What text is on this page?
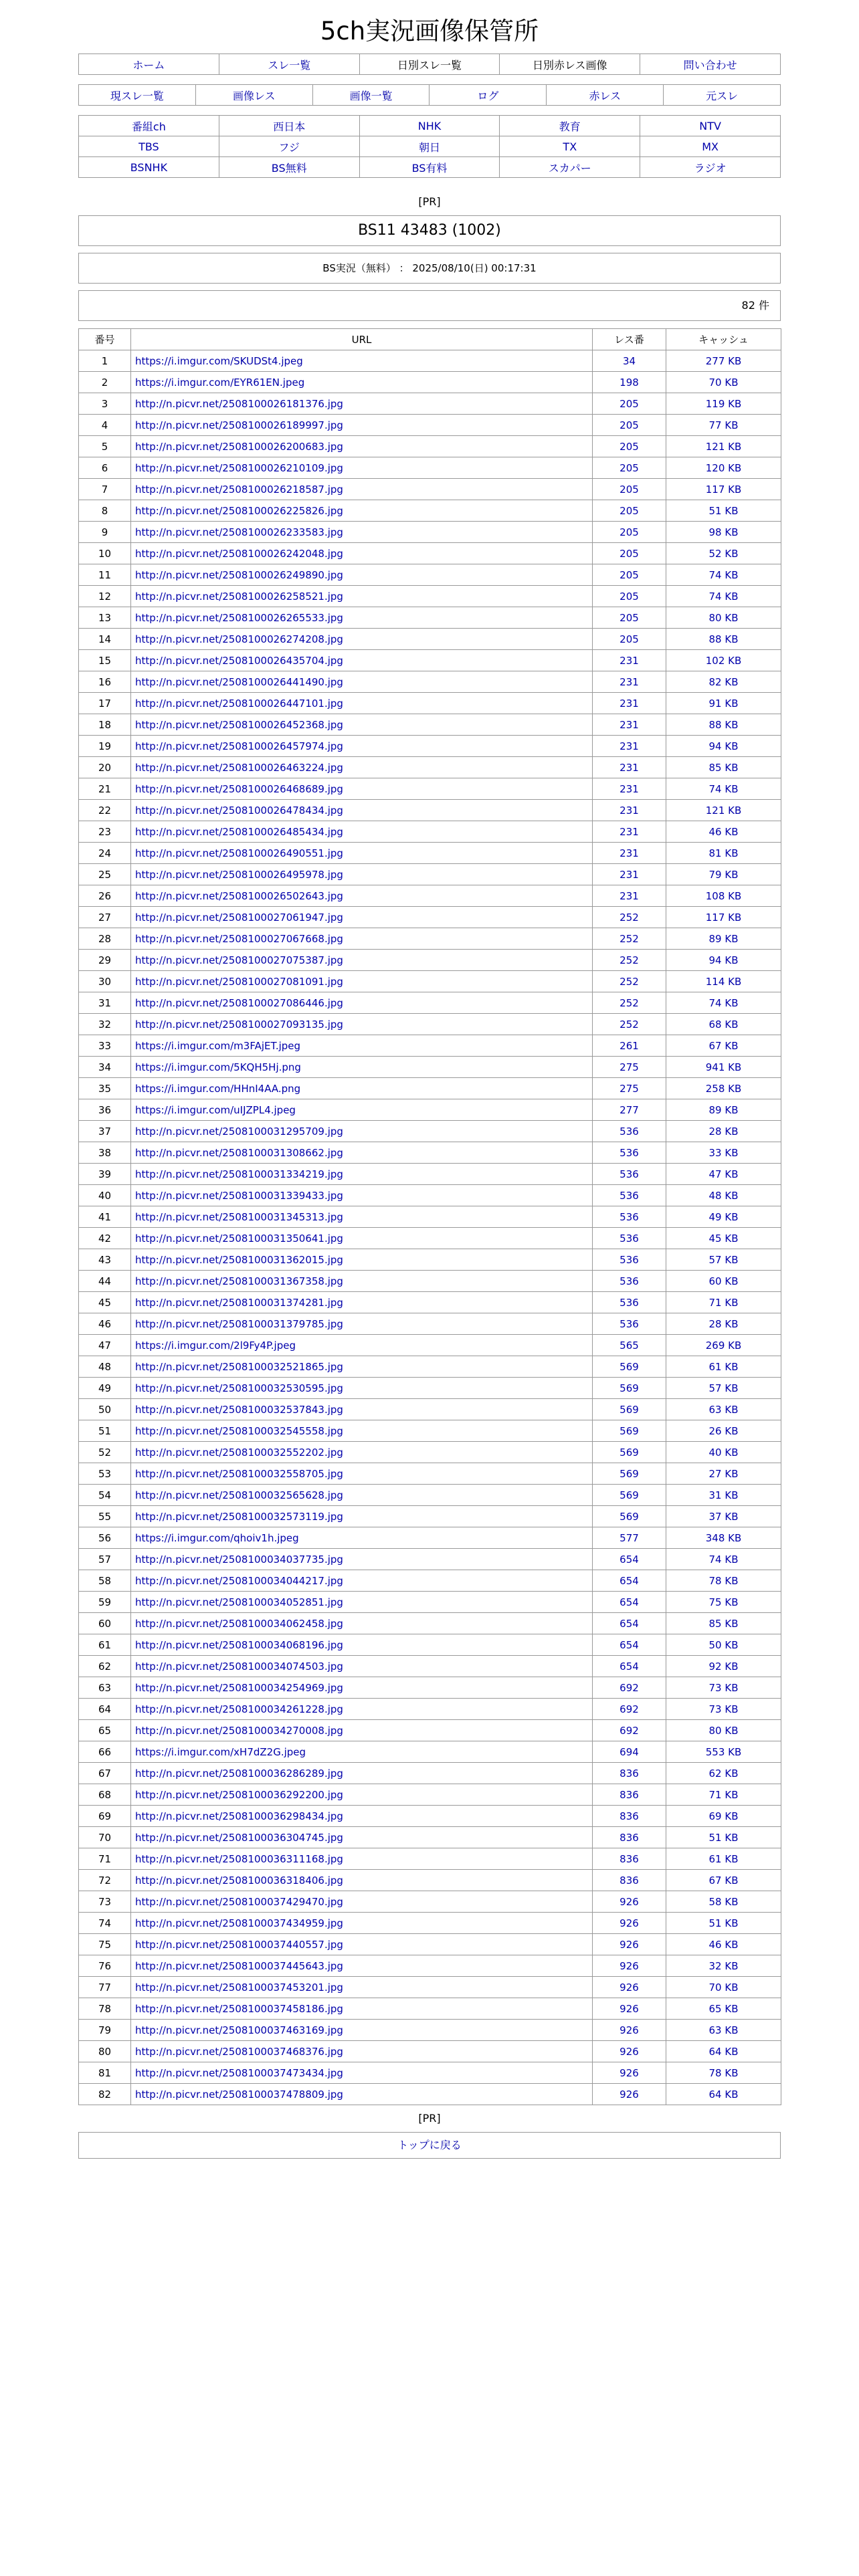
5ch実況画像保管所
ホーム	スレ一覧	日別スレ一覧	日別赤レス画像	問い合わせ
現スレ一覧	画像レス	画像一覧	ログ	赤レス	元スレ
番組ch	西日本	NHK	教育	NTV
TBS	フジ	朝日	TX	MX
BSNHK	BS無料	BS有料	スカパー	ラジオ
[PR]
BS11 43483 (1002)
BS実況（無料） ： 2025/08/10(日) 00:17:31
82 件
番号	URL	レス番	キャッシュ
1	https://i.imgur.com/SKUDSt4.jpeg	34	277 KB
2	https://i.imgur.com/EYR61EN.jpeg	198	70 KB
3	http://n.picvr.net/2508100026181376.jpg	205	119 KB
4	http://n.picvr.net/2508100026189997.jpg	205	77 KB
5	http://n.picvr.net/2508100026200683.jpg	205	121 KB
6	http://n.picvr.net/2508100026210109.jpg	205	120 KB
7	http://n.picvr.net/2508100026218587.jpg	205	117 KB
8	http://n.picvr.net/2508100026225826.jpg	205	51 KB
9	http://n.picvr.net/2508100026233583.jpg	205	98 KB
10	http://n.picvr.net/2508100026242048.jpg	205	52 KB
11	http://n.picvr.net/2508100026249890.jpg	205	74 KB
12	http://n.picvr.net/2508100026258521.jpg	205	74 KB
13	http://n.picvr.net/2508100026265533.jpg	205	80 KB
14	http://n.picvr.net/2508100026274208.jpg	205	88 KB
15	http://n.picvr.net/2508100026435704.jpg	231	102 KB
16	http://n.picvr.net/2508100026441490.jpg	231	82 KB
17	http://n.picvr.net/2508100026447101.jpg	231	91 KB
18	http://n.picvr.net/2508100026452368.jpg	231	88 KB
19	http://n.picvr.net/2508100026457974.jpg	231	94 KB
20	http://n.picvr.net/2508100026463224.jpg	231	85 KB
21	http://n.picvr.net/2508100026468689.jpg	231	74 KB
22	http://n.picvr.net/2508100026478434.jpg	231	121 KB
23	http://n.picvr.net/2508100026485434.jpg	231	46 KB
24	http://n.picvr.net/2508100026490551.jpg	231	81 KB
25	http://n.picvr.net/2508100026495978.jpg	231	79 KB
26	http://n.picvr.net/2508100026502643.jpg	231	108 KB
27	http://n.picvr.net/2508100027061947.jpg	252	117 KB
28	http://n.picvr.net/2508100027067668.jpg	252	89 KB
29	http://n.picvr.net/2508100027075387.jpg	252	94 KB
30	http://n.picvr.net/2508100027081091.jpg	252	114 KB
31	http://n.picvr.net/2508100027086446.jpg	252	74 KB
32	http://n.picvr.net/2508100027093135.jpg	252	68 KB
33	https://i.imgur.com/m3FAjET.jpeg	261	67 KB
34	https://i.imgur.com/5KQH5Hj.png	275	941 KB
35	https://i.imgur.com/HHnI4AA.png	275	258 KB
36	https://i.imgur.com/uIJZPL4.jpeg	277	89 KB
37	http://n.picvr.net/2508100031295709.jpg	536	28 KB
38	http://n.picvr.net/2508100031308662.jpg	536	33 KB
39	http://n.picvr.net/2508100031334219.jpg	536	47 KB
40	http://n.picvr.net/2508100031339433.jpg	536	48 KB
41	http://n.picvr.net/2508100031345313.jpg	536	49 KB
42	http://n.picvr.net/2508100031350641.jpg	536	45 KB
43	http://n.picvr.net/2508100031362015.jpg	536	57 KB
44	http://n.picvr.net/2508100031367358.jpg	536	60 KB
45	http://n.picvr.net/2508100031374281.jpg	536	71 KB
46	http://n.picvr.net/2508100031379785.jpg	536	28 KB
47	https://i.imgur.com/2l9Fy4P.jpeg	565	269 KB
48	http://n.picvr.net/2508100032521865.jpg	569	61 KB
49	http://n.picvr.net/2508100032530595.jpg	569	57 KB
50	http://n.picvr.net/2508100032537843.jpg	569	63 KB
51	http://n.picvr.net/2508100032545558.jpg	569	26 KB
52	http://n.picvr.net/2508100032552202.jpg	569	40 KB
53	http://n.picvr.net/2508100032558705.jpg	569	27 KB
54	http://n.picvr.net/2508100032565628.jpg	569	31 KB
55	http://n.picvr.net/2508100032573119.jpg	569	37 KB
56	https://i.imgur.com/qhoiv1h.jpeg	577	348 KB
57	http://n.picvr.net/2508100034037735.jpg	654	74 KB
58	http://n.picvr.net/2508100034044217.jpg	654	78 KB
59	http://n.picvr.net/2508100034052851.jpg	654	75 KB
60	http://n.picvr.net/2508100034062458.jpg	654	85 KB
61	http://n.picvr.net/2508100034068196.jpg	654	50 KB
62	http://n.picvr.net/2508100034074503.jpg	654	92 KB
63	http://n.picvr.net/2508100034254969.jpg	692	73 KB
64	http://n.picvr.net/2508100034261228.jpg	692	73 KB
65	http://n.picvr.net/2508100034270008.jpg	692	80 KB
66	https://i.imgur.com/xH7dZ2G.jpeg	694	553 KB
67	http://n.picvr.net/2508100036286289.jpg	836	62 KB
68	http://n.picvr.net/2508100036292200.jpg	836	71 KB
69	http://n.picvr.net/2508100036298434.jpg	836	69 KB
70	http://n.picvr.net/2508100036304745.jpg	836	51 KB
71	http://n.picvr.net/2508100036311168.jpg	836	61 KB
72	http://n.picvr.net/2508100036318406.jpg	836	67 KB
73	http://n.picvr.net/2508100037429470.jpg	926	58 KB
74	http://n.picvr.net/2508100037434959.jpg	926	51 KB
75	http://n.picvr.net/2508100037440557.jpg	926	46 KB
76	http://n.picvr.net/2508100037445643.jpg	926	32 KB
77	http://n.picvr.net/2508100037453201.jpg	926	70 KB
78	http://n.picvr.net/2508100037458186.jpg	926	65 KB
79	http://n.picvr.net/2508100037463169.jpg	926	63 KB
80	http://n.picvr.net/2508100037468376.jpg	926	64 KB
81	http://n.picvr.net/2508100037473434.jpg	926	78 KB
82	http://n.picvr.net/2508100037478809.jpg	926	64 KB
[PR]
トップに戻る
